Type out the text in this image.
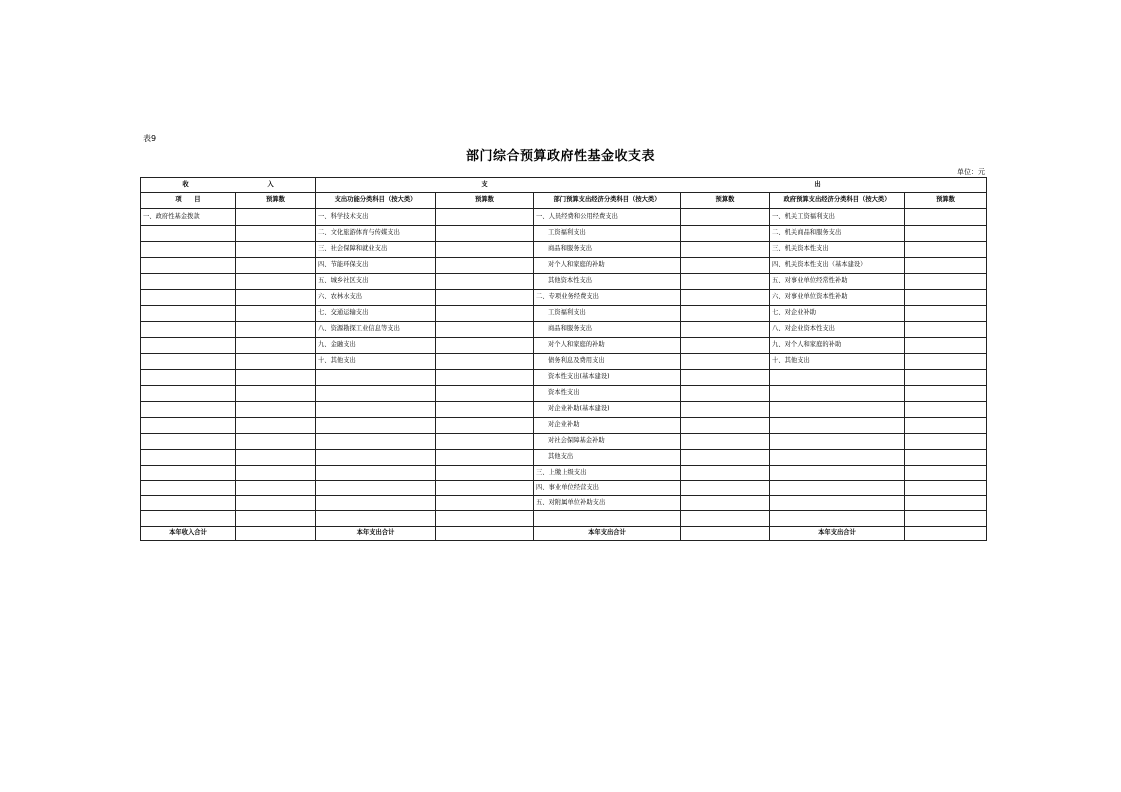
表9
部门综合预算政府性基金收支表
单位：元
收 入		支 出					

项　　目	预算数	支出功能分类科目（按大类）	预算数	部门预算支出经济分类科目（按大类）	预算数	政府预算支出经济分类科目（按大类）	预算数
一、政府性基金拨款		一、科学技术支出		一、人员经费和公用经费支出		一、机关工资福利支出	
		二、文化旅游体育与传媒支出		工资福利支出		二、机关商品和服务支出	
		三、社会保障和就业支出		商品和服务支出		三、机关资本性支出	
		四、节能环保支出		对个人和家庭的补助		四、机关资本性支出（基本建设）	
		五、城乡社区支出		其他资本性支出		五、对事业单位经常性补助	
		六、农林水支出		二、专项业务经费支出		六、对事业单位资本性补助	
		七、交通运输支出		工资福利支出		七、对企业补助	
		八、资源勘探工业信息等支出		商品和服务支出		八、对企业资本性支出	
		九、金融支出		对个人和家庭的补助		九、对个人和家庭的补助	
		十、其他支出		债务利息及费用支出		十、其他支出	
				资本性支出(基本建设)			
				资本性支出			
				对企业补助(基本建设)			
				对企业补助			
				对社会保障基金补助			
				其他支出			
				三、上缴上级支出			
				四、事业单位经营支出			
				五、对附属单位补助支出			

本年收入合计		本年支出合计		本年支出合计		本年支出合计	
